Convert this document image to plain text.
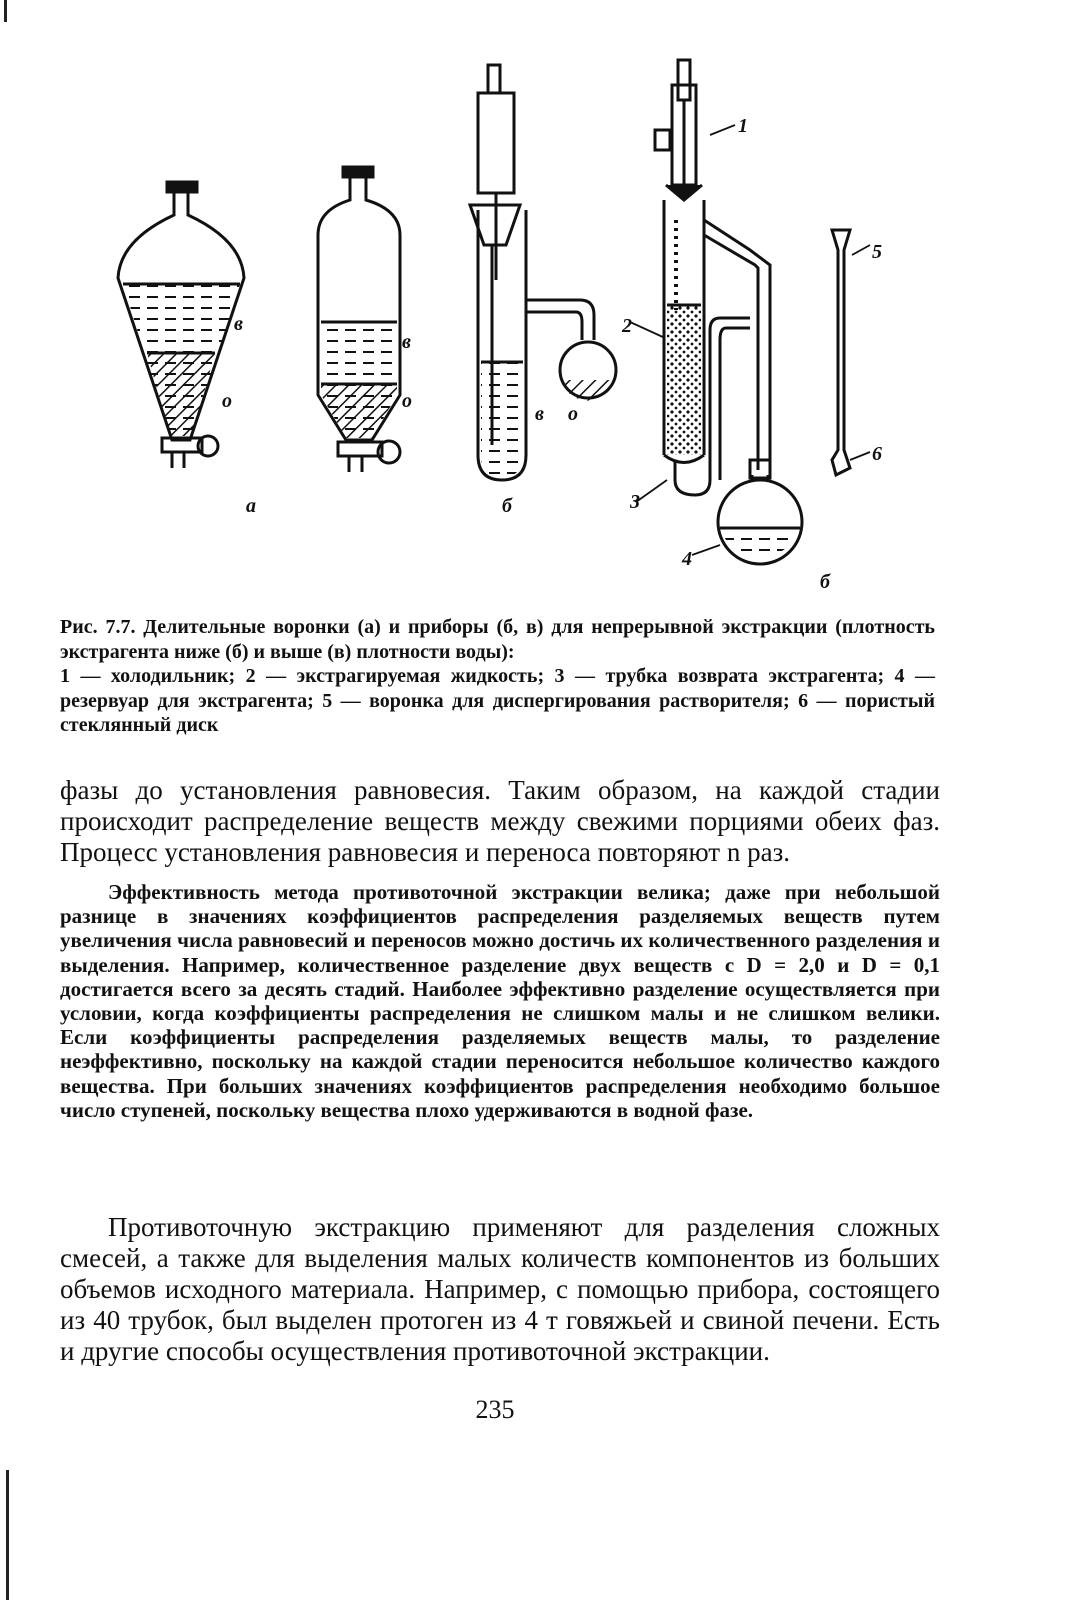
в
о
а
в
о
б
в о
б
1
2
3
4
5
6

Рис. 7.7. Делительные воронки (а) и приборы (б, в) для непрерывной экстракции (плотность экстрагента ниже (б) и выше (в) плотности воды):

1 — холодильник; 2 — экстрагируемая жидкость; 3 — трубка возврата экстрагента; 4 — резервуар для экстрагента; 5 — воронка для диспергирования растворителя; 6 — пористый стеклянный диск

фазы до установления равновесия. Таким образом, на каждой стадии происходит распределение веществ между свежими порциями обеих фаз. Процесс установления равновесия и переноса повторяют n раз.
Эффективность метода противоточной экстракции велика; даже при небольшой разнице в значениях коэффициентов распределения разделяемых веществ путем увеличения числа равновесий и переносов можно достичь их количественного разделения и выделения. Например, количественное разделение двух веществ с D = 2,0 и D = 0,1 достигается всего за десять стадий. Наиболее эффективно разделение осуществляется при условии, когда коэффициенты распределения не слишком малы и не слишком велики. Если коэффициенты распределения разделяемых веществ малы, то разделение неэффективно, поскольку на каждой стадии переносится небольшое количество каждого вещества. При больших значениях коэффициентов распределения необходимо большое число ступеней, поскольку вещества плохо удерживаются в водной фазе.
Противоточную экстракцию применяют для разделения сложных смесей, а также для выделения малых количеств компонентов из больших объемов исходного материала. Например, с помощью прибора, состоящего из 40 трубок, был выделен протоген из 4 т говяжьей и свиной печени. Есть и другие способы осуществления противоточной экстракции.
235
